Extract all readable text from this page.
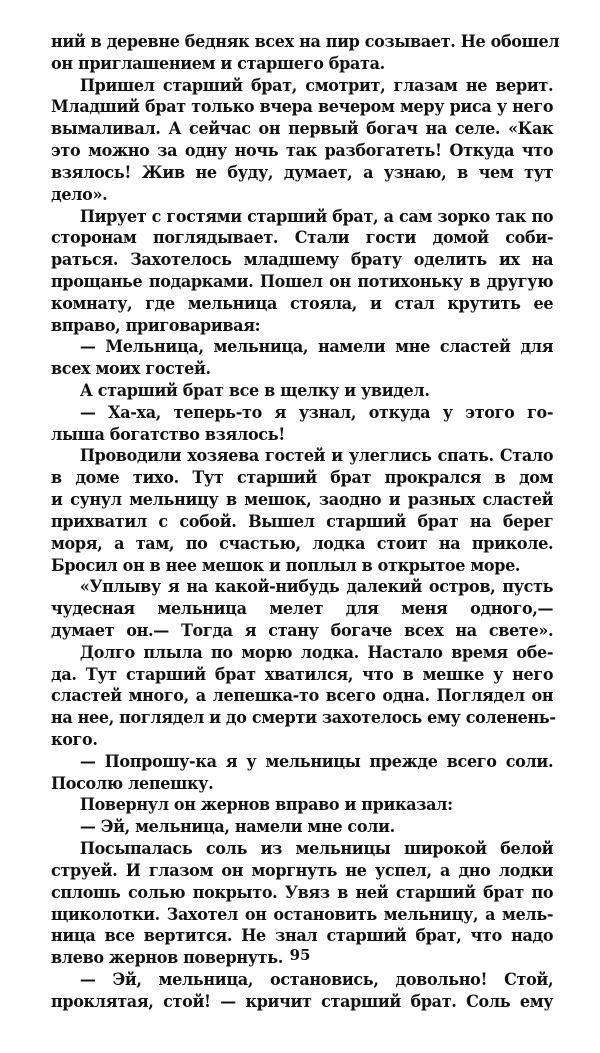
ний в деревне бедняк всех на пир созывает. Не обошел
он приглашением и старшего брата.
Пришел старший брат, смотрит, глазам не верит.
Младший брат только вчера вечером меру риса у него
вымаливал. А сейчас он первый богач на селе. «Как
это можно за одну ночь так разбогатеть! Откуда что
взялось! Жив не буду, думает, а узнаю, в чем тут
дело».
Пирует с гостями старший брат, а сам зорко так по
сторонам поглядывает. Стали гости домой соби-
раться. Захотелось младшему брату оделить их на
прощанье подарками. Пошел он потихоньку в другую
комнату, где мельница стояла, и стал крутить ее
вправо, приговаривая:
— Мельница, мельница, намели мне сластей для
всех моих гостей.
А старший брат все в щелку и увидел.
— Ха-ха, теперь-то я узнал, откуда у этого го-
лыша богатство взялось!
Проводили хозяева гостей и улеглись спать. Стало
в доме тихо. Тут старший брат прокрался в дом
и сунул мельницу в мешок, заодно и разных сластей
прихватил с собой. Вышел старший брат на берег
моря, а там, по счастью, лодка стоит на приколе.
Бросил он в нее мешок и поплыл в открытое море.
«Уплыву я на какой-нибудь далекий остров, пусть
чудесная мельница мелет для меня одного,—
думает он.— Тогда я стану богаче всех на свете».
Долго плыла по морю лодка. Настало время обе-
да. Тут старший брат хватился, что в мешке у него
сластей много, а лепешка-то всего одна. Поглядел он
на нее, поглядел и до смерти захотелось ему соленень-
кого.
— Попрошу-ка я у мельницы прежде всего соли.
Посолю лепешку.
Повернул он жернов вправо и приказал:
— Эй, мельница, намели мне соли.
Посыпалась соль из мельницы широкой белой
струей. И глазом он моргнуть не успел, а дно лодки
сплошь солью покрыто. Увяз в ней старший брат по
щиколотки. Захотел он остановить мельницу, а мель-
ница все вертится. Не знал старший брат, что надо
влево жернов повернуть.
— Эй, мельница, остановись, довольно! Стой,
проклятая, стой! — кричит старший брат. Соль ему
95
